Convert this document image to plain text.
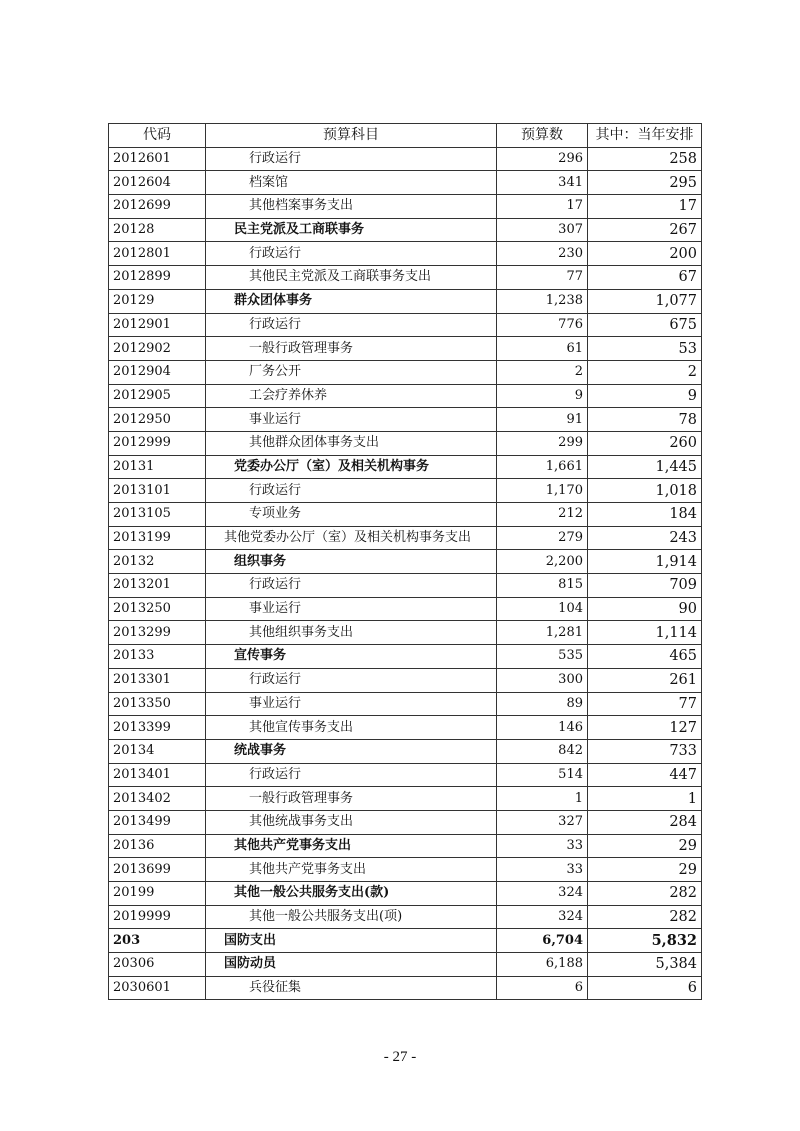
代码	预算科目	预算数	其中：当年安排
2012601	行政运行	296	258
2012604	档案馆	341	295
2012699	其他档案事务支出	17	17
20128	民主党派及工商联事务	307	267
2012801	行政运行	230	200
2012899	其他民主党派及工商联事务支出	77	67
20129	群众团体事务	1,238	1,077
2012901	行政运行	776	675
2012902	一般行政管理事务	61	53
2012904	厂务公开	2	2
2012905	工会疗养休养	9	9
2012950	事业运行	91	78
2012999	其他群众团体事务支出	299	260
20131	党委办公厅（室）及相关机构事务	1,661	1,445
2013101	行政运行	1,170	1,018
2013105	专项业务	212	184
2013199	其他党委办公厅（室）及相关机构事务支出	279	243
20132	组织事务	2,200	1,914
2013201	行政运行	815	709
2013250	事业运行	104	90
2013299	其他组织事务支出	1,281	1,114
20133	宣传事务	535	465
2013301	行政运行	300	261
2013350	事业运行	89	77
2013399	其他宣传事务支出	146	127
20134	统战事务	842	733
2013401	行政运行	514	447
2013402	一般行政管理事务	1	1
2013499	其他统战事务支出	327	284
20136	其他共产党事务支出	33	29
2013699	其他共产党事务支出	33	29
20199	其他一般公共服务支出(款)	324	282
2019999	其他一般公共服务支出(项)	324	282
203	国防支出	6,704	5,832
20306	国防动员	6,188	5,384
2030601	兵役征集	6	6
- 27 -
